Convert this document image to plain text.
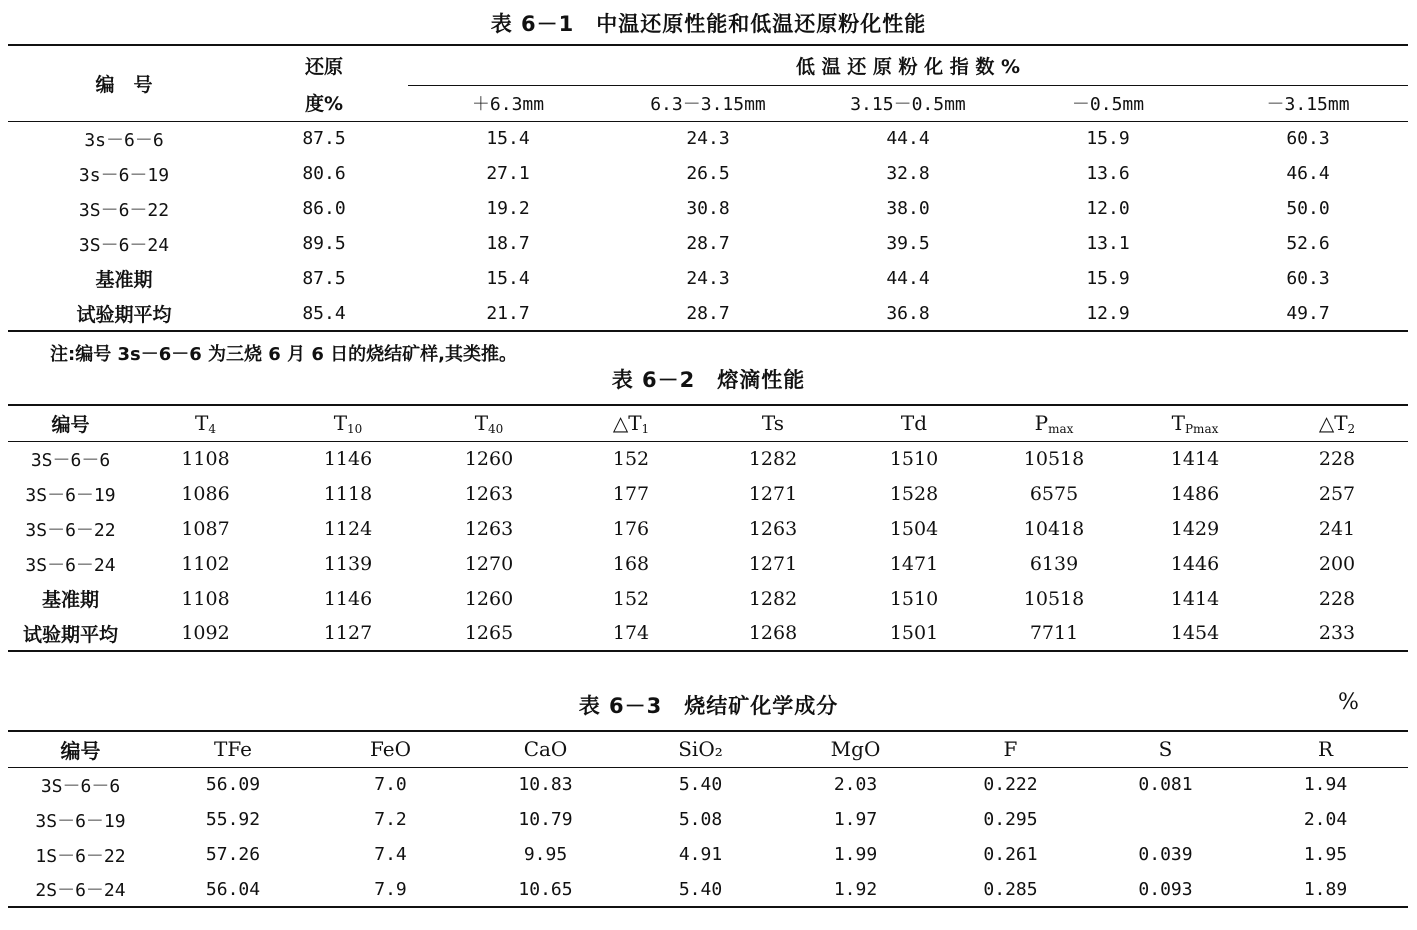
表 6－1　中温还原性能和低温还原粉化性能
编　号	还原	低 温 还 原 粉 化 指 数 %				
	度%	＋6.3mm	6.3－3.15mm	3.15－0.5mm	－0.5mm	－3.15mm
3s－6－6	87.5	15.4	24.3	44.4	15.9	60.3
3s－6－19	80.6	27.1	26.5	32.8	13.6	46.4
3S－6－22	86.0	19.2	30.8	38.0	12.0	50.0
3S－6－24	89.5	18.7	28.7	39.5	13.1	52.6
基准期	87.5	15.4	24.3	44.4	15.9	60.3
试验期平均	85.4	21.7	28.7	36.8	12.9	49.7
注:编号 3s－6－6 为三烧 6 月 6 日的烧结矿样,其类推。
表 6－2　熔滴性能
编号	$T_4$	$T_{10}$	$T_{40}$	$\triangle T_1$	Ts	Td	$P_{max}$	$T_{Pmax}$	$\triangle T_2$
3S－6－6	1108	1146	1260	152	1282	1510	10518	1414	228
3S－6－19	1086	1118	1263	177	1271	1528	6575	1486	257
3S－6－22	1087	1124	1263	176	1263	1504	10418	1429	241
3S－6－24	1102	1139	1270	168	1271	1471	6139	1446	200
基准期	1108	1146	1260	152	1282	1510	10518	1414	228
试验期平均	1092	1127	1265	174	1268	1501	7711	1454	233
表 6－3　烧结矿化学成分	%
编号	TFe	FeO	CaO	SiO₂	MgO	F	S	R
3S－6－6	56.09	7.0	10.83	5.40	2.03	0.222	0.081	1.94
3S－6－19	55.92	7.2	10.79	5.08	1.97	0.295		2.04
1S－6－22	57.26	7.4	9.95	4.91	1.99	0.261	0.039	1.95
2S－6－24	56.04	7.9	10.65	5.40	1.92	0.285	0.093	1.89
